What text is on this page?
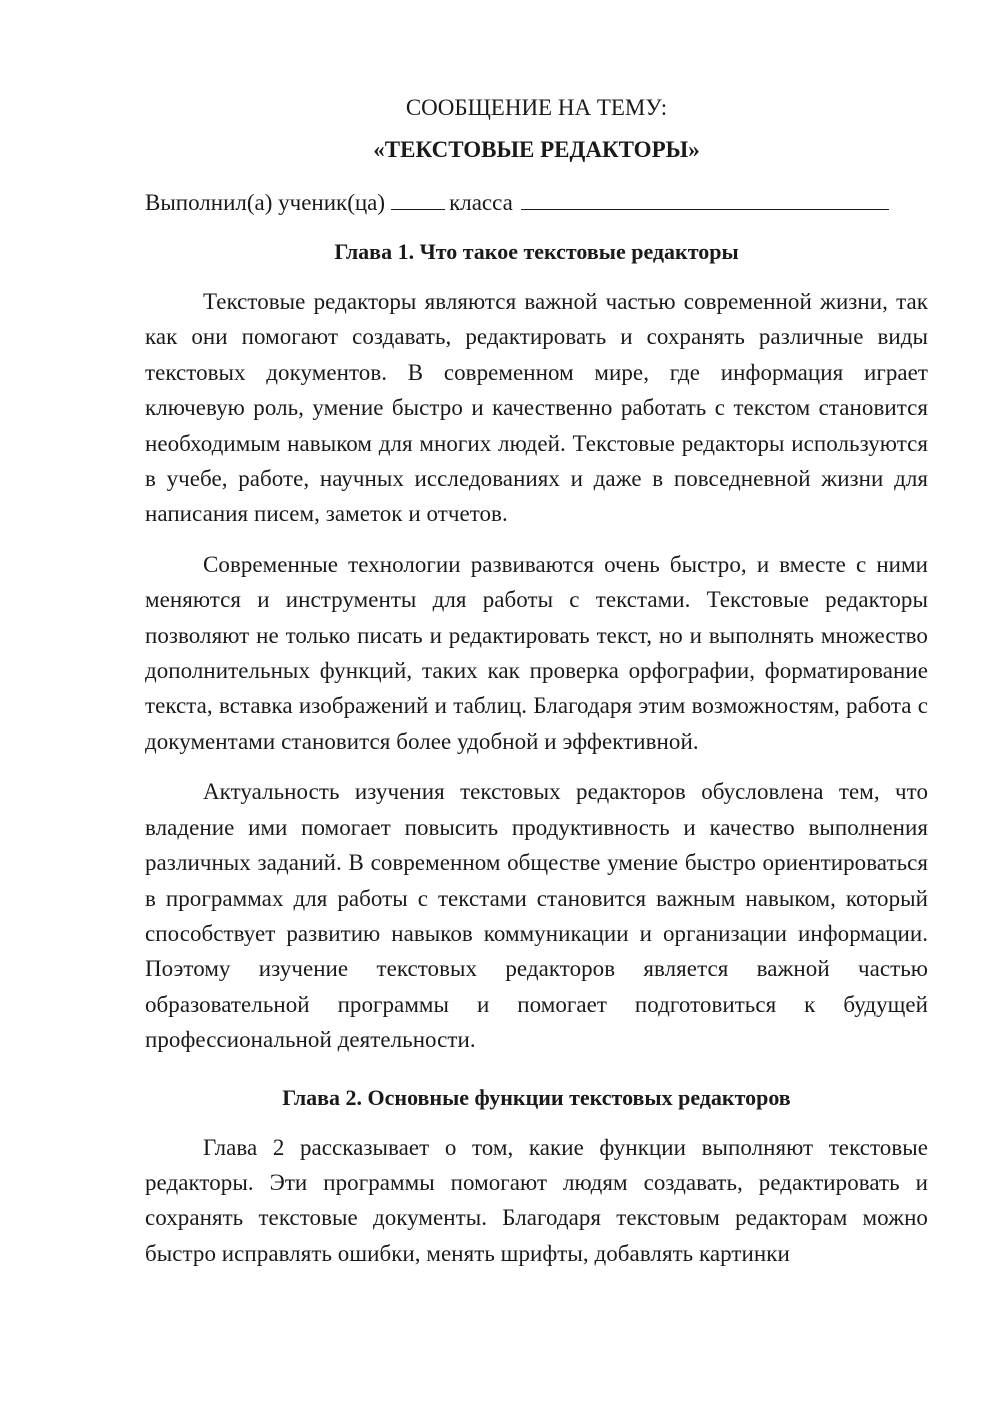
СООБЩЕНИЕ НА ТЕМУ:

«ТЕКСТОВЫЕ РЕДАКТОРЫ»

Выполнил(а) ученик(ца)	класса

Глава 1. Что такое текстовые редакторы

Текстовые редакторы являются важной частью современной жизни, так как они помогают создавать, редактировать и сохранять различные виды текстовых документов. В современном мире, где информация играет ключевую роль, умение быстро и качественно работать с текстом становится необходимым навыком для многих людей. Текстовые редакторы используются в учебе, работе, научных исследованиях и даже в повседневной жизни для написания писем, заметок и отчетов.

Современные технологии развиваются очень быстро, и вместе с ними меняются и инструменты для работы с текстами. Текстовые редакторы позволяют не только писать и редактировать текст, но и выполнять множество дополнительных функций, таких как проверка орфографии, форматирование текста, вставка изображений и таблиц. Благодаря этим возможностям, работа с документами становится более удобной и эффективной.

Актуальность изучения текстовых редакторов обусловлена тем, что владение ими помогает повысить продуктивность и качество выполнения различных заданий. В современном обществе умение быстро ориентироваться в программах для работы с текстами становится важным навыком, который способствует развитию навыков коммуникации и организации информации. Поэтому изучение текстовых редакторов является важной частью образовательной программы и помогает подготовиться к будущей профессиональной деятельности.

Глава 2. Основные функции текстовых редакторов

Глава 2 рассказывает о том, какие функции выполняют текстовые редакторы. Эти программы помогают людям создавать, редактировать и сохранять текстовые документы. Благодаря текстовым редакторам можно быстро исправлять ошибки, менять шрифты, добавлять картинки
